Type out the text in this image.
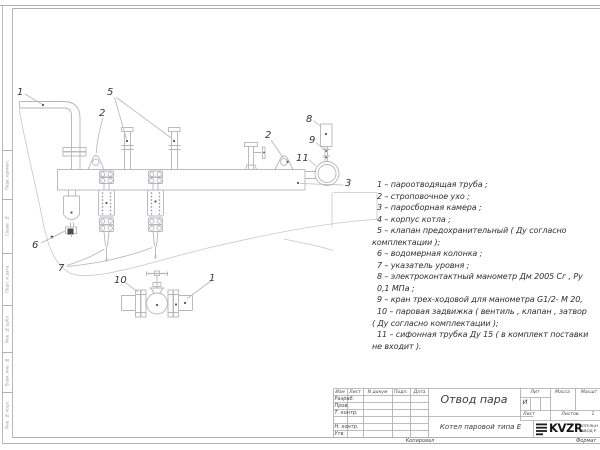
1	5
2
2
8
9
11
3
6
7
10	1
1 – пароотводящая труба ;
2 – строповочное ухо ;
3 – паросборная камера ;
4 – корпус котла ;
5 – клапан предохранительный ( Ду согласно
комплектации );
6 – водомерная колонка ;
7 – указатель уровня ;
8 – электроконтактный манометр Дм 2005 Сг , Ру
0,1 МПа ;
9 – кран трех-ходовой для манометра G1/2- М 20,
10 – паровая задвижка ( вентиль , клапан , затвор
( Ду согласно комплектации );
11 – сифонная трубка Ду 15 ( в комплект поставки
не входит ).
Перв. примен.
Справ. №
Подп. и дата
Инв. № дубл.
Взам. инв. №
Инв. № подл.
Изм Лист	N докум	Подп.	Дата
Разраб.
Пров.
Т. контр.
Н. контр.
Утв.
Отвод пара
Котел паровой типа Е
Лит	Масса	Масшт
И
Лист	Листов	1
KVZR
КОТЕЛЬН
ЗАВОД Р
Копировал	Формат
